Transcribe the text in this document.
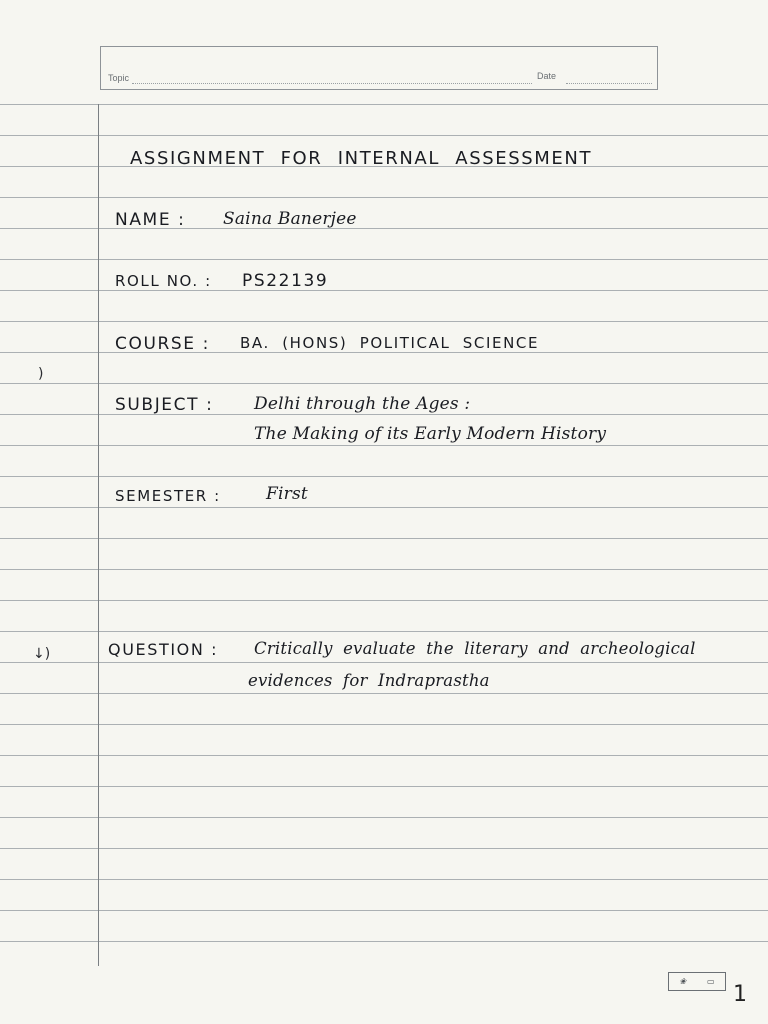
Topic	Date
)
↓)
ASSIGNMENT FOR INTERNAL ASSESSMENT
NAME : Saina Banerjee
ROLL NO. : PS22139
COURSE : BA. (HONS) POLITICAL SCIENCE
SUBJECT : Delhi through the Ages :
The Making of its Early Modern History
SEMESTER :	First
QUESTION : Critically evaluate the literary and archeological
evidences for Indraprastha
❀	▭
1
